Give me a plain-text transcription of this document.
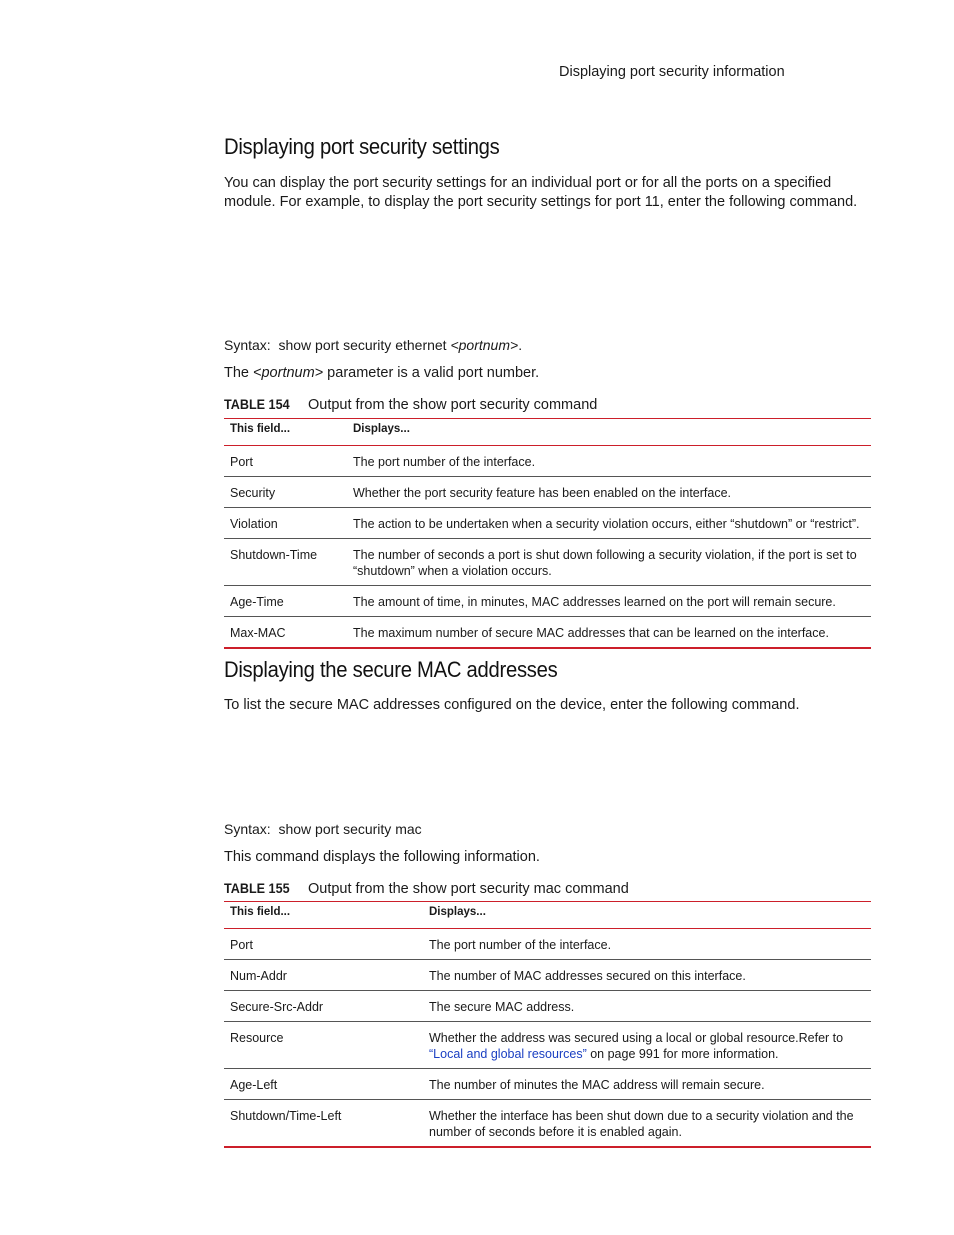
Displaying port security information
Displaying port security settings
You can display the port security settings for an individual port or for all the ports on a specified module. For example, to display the port security settings for port 11, enter the following command.
Syntax: show port security ethernet <portnum>.
The <portnum> parameter is a valid port number.
TABLE 154 Output from the show port security command
This field...	Displays...
Port	The port number of the interface.
Security	Whether the port security feature has been enabled on the interface.
Violation	The action to be undertaken when a security violation occurs, either “shutdown” or “restrict”.
Shutdown-Time	The number of seconds a port is shut down following a security violation, if the port is set to “shutdown” when a violation occurs.
Age-Time	The amount of time, in minutes, MAC addresses learned on the port will remain secure.
Max-MAC	The maximum number of secure MAC addresses that can be learned on the interface.
Displaying the secure MAC addresses
To list the secure MAC addresses configured on the device, enter the following command.
Syntax: show port security mac
This command displays the following information.
TABLE 155 Output from the show port security mac command
This field...	Displays...
Port	The port number of the interface.
Num-Addr	The number of MAC addresses secured on this interface.
Secure-Src-Addr	The secure MAC address.
Resource	Whether the address was secured using a local or global resource.Refer to
“Local and global resources” on page 991 for more information.
Age-Left	The number of minutes the MAC address will remain secure.
Shutdown/Time-Left	Whether the interface has been shut down due to a security violation and the number of seconds before it is enabled again.
